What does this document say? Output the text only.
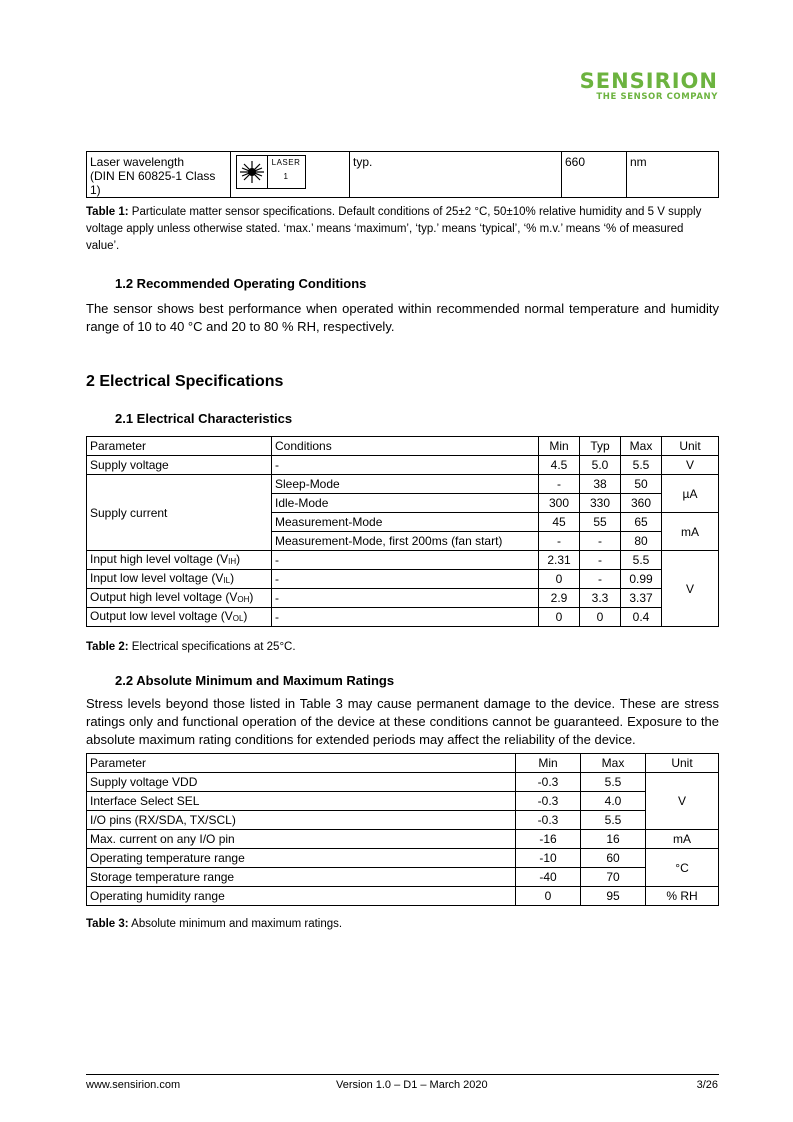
SENSIRION
THE SENSOR COMPANY
Laser wavelength
(DIN EN 60825-1 Class 1)

LASER
1
	typ.	660	nm
Table 1: Particulate matter sensor specifications. Default conditions of 25±2 °C, 50±10% relative humidity and 5 V supply voltage apply unless otherwise stated. ‘max.’ means ‘maximum’, ‘typ.’ means ‘typical’, ‘% m.v.’ means ‘% of measured value’.
1.2 Recommended Operating Conditions
The sensor shows best performance when operated within recommended normal temperature and humidity range of 10 to 40 °C and 20 to 80 % RH, respectively.
2 Electrical Specifications
2.1 Electrical Characteristics
Parameter	Conditions	Min	Typ	Max	Unit
Supply voltage	-	4.5	5.0	5.5	V
Supply current	Sleep-Mode	-	38	50	µA
	Idle-Mode	300	330	360	
	Measurement-Mode	45	55	65	mA
	Measurement-Mode, first 200ms (fan start)	-	-	80	
Input high level voltage $(V_{IH})$	-	2.31	-	5.5	V
Input low level voltage $(V_{IL})$	-	0	-	0.99	
Output high level voltage $(V_{OH})$	-	2.9	3.3	3.37	
Output low level voltage $(V_{OL})$	-	0	0	0.4	
Table 2: Electrical specifications at 25°C.
2.2 Absolute Minimum and Maximum Ratings
Stress levels beyond those listed in Table 3 may cause permanent damage to the device. These are stress ratings only and functional operation of the device at these conditions cannot be guaranteed. Exposure to the absolute maximum rating conditions for extended periods may affect the reliability of the device.
Parameter	Min	Max	Unit
Supply voltage VDD	-0.3	5.5	V
Interface Select SEL	-0.3	4.0	
I/O pins (RX/SDA, TX/SCL)	-0.3	5.5	
Max. current on any I/O pin	-16	16	mA
Operating temperature range	-10	60	°C
Storage temperature range	-40	70	
Operating humidity range	0	95	% RH
Table 3: Absolute minimum and maximum ratings.
www.sensirion.com	Version 1.0 – D1 – March 2020	3/26
